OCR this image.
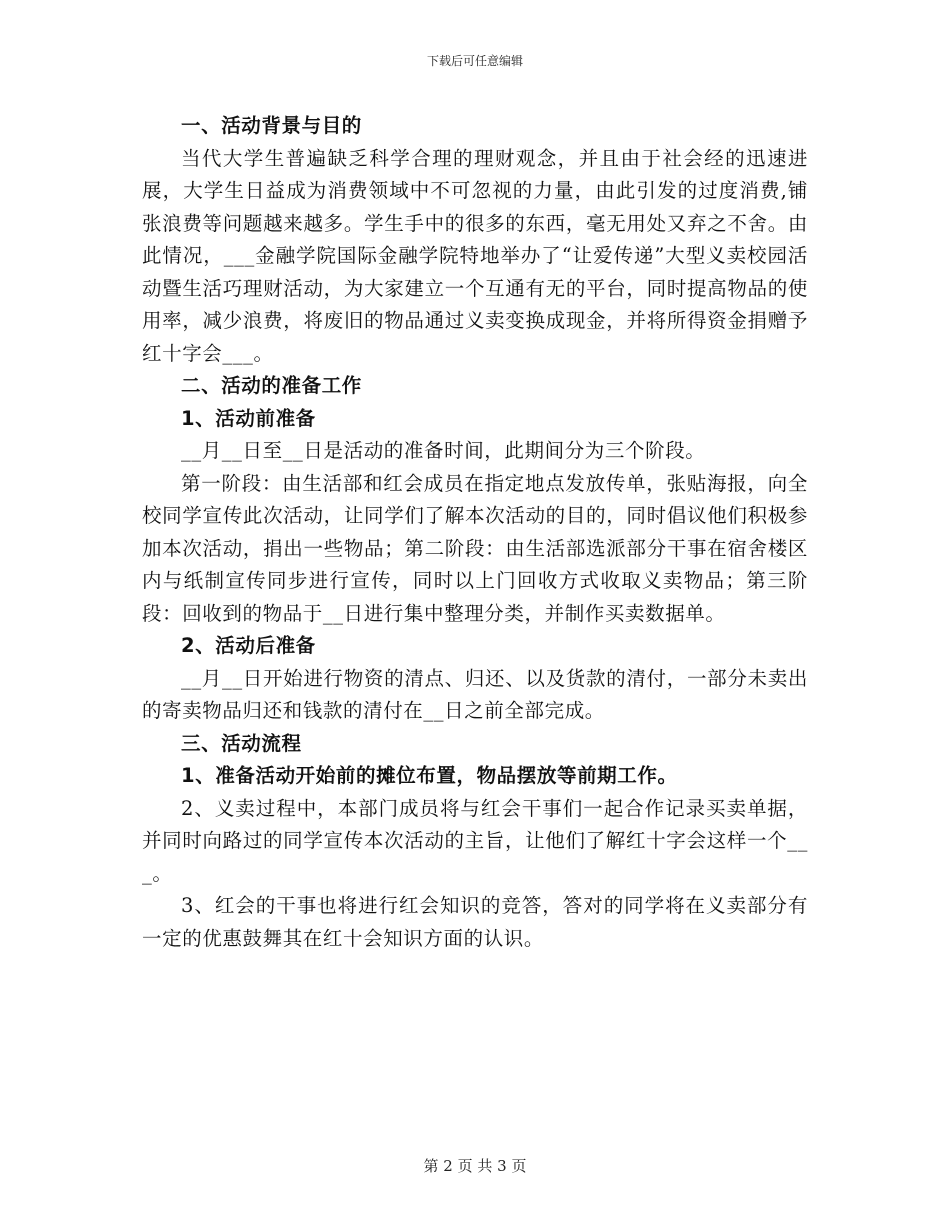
下载后可任意编辑

一、活动背景与目的

当代大学生普遍缺乏科学合理的理财观念，并且由于社会经的迅速进展，大学生日益成为消费领域中不可忽视的力量，由此引发的过度消费,铺张浪费等问题越来越多。学生手中的很多的东西，毫无用处又弃之不舍。由此情况，___金融学院国际金融学院特地举办了“让爱传递”大型义卖校园活动暨生活巧理财活动，为大家建立一个互通有无的平台，同时提高物品的使用率，减少浪费，将废旧的物品通过义卖变换成现金，并将所得资金捐赠予红十字会___。

二、活动的准备工作

1、活动前准备

__月__日至__日是活动的准备时间，此期间分为三个阶段。

第一阶段：由生活部和红会成员在指定地点发放传单，张贴海报，向全校同学宣传此次活动，让同学们了解本次活动的目的，同时倡议他们积极参加本次活动，捐出一些物品；第二阶段：由生活部选派部分干事在宿舍楼区内与纸制宣传同步进行宣传，同时以上门回收方式收取义卖物品；第三阶段：回收到的物品于__日进行集中整理分类，并制作买卖数据单。

2、活动后准备

__月__日开始进行物资的清点、归还、以及货款的清付，一部分未卖出的寄卖物品归还和钱款的清付在__日之前全部完成。

三、活动流程

1、准备活动开始前的摊位布置，物品摆放等前期工作。

2、义卖过程中，本部门成员将与红会干事们一起合作记录买卖单据，并同时向路过的同学宣传本次活动的主旨，让他们了解红十字会这样一个___。

3、红会的干事也将进行红会知识的竞答，答对的同学将在义卖部分有一定的优惠鼓舞其在红十会知识方面的认识。

第 2 页 共 3 页
